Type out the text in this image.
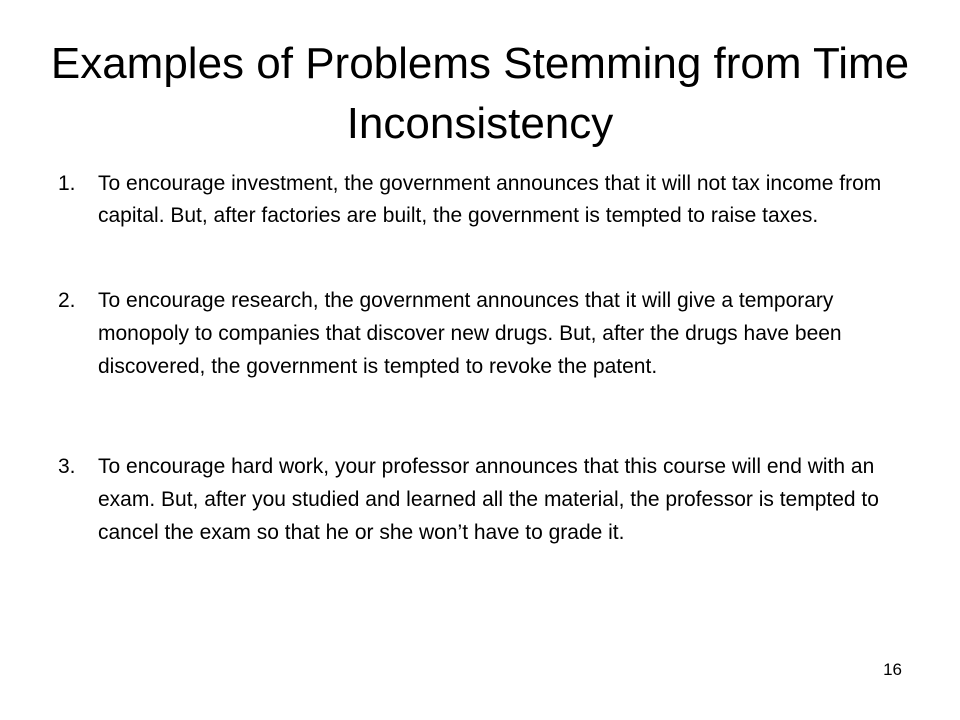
Examples of Problems Stemming from Time Inconsistency
1. To encourage investment, the government announces that it will not tax income from capital. But, after factories are built, the government is tempted to raise taxes.
2. To encourage research, the government announces that it will give a temporary monopoly to companies that discover new drugs. But, after the drugs have been discovered, the government is tempted to revoke the patent.
3. To encourage hard work, your professor announces that this course will end with an exam. But, after you studied and learned all the material, the professor is tempted to cancel the exam so that he or she won’t have to grade it.
16
